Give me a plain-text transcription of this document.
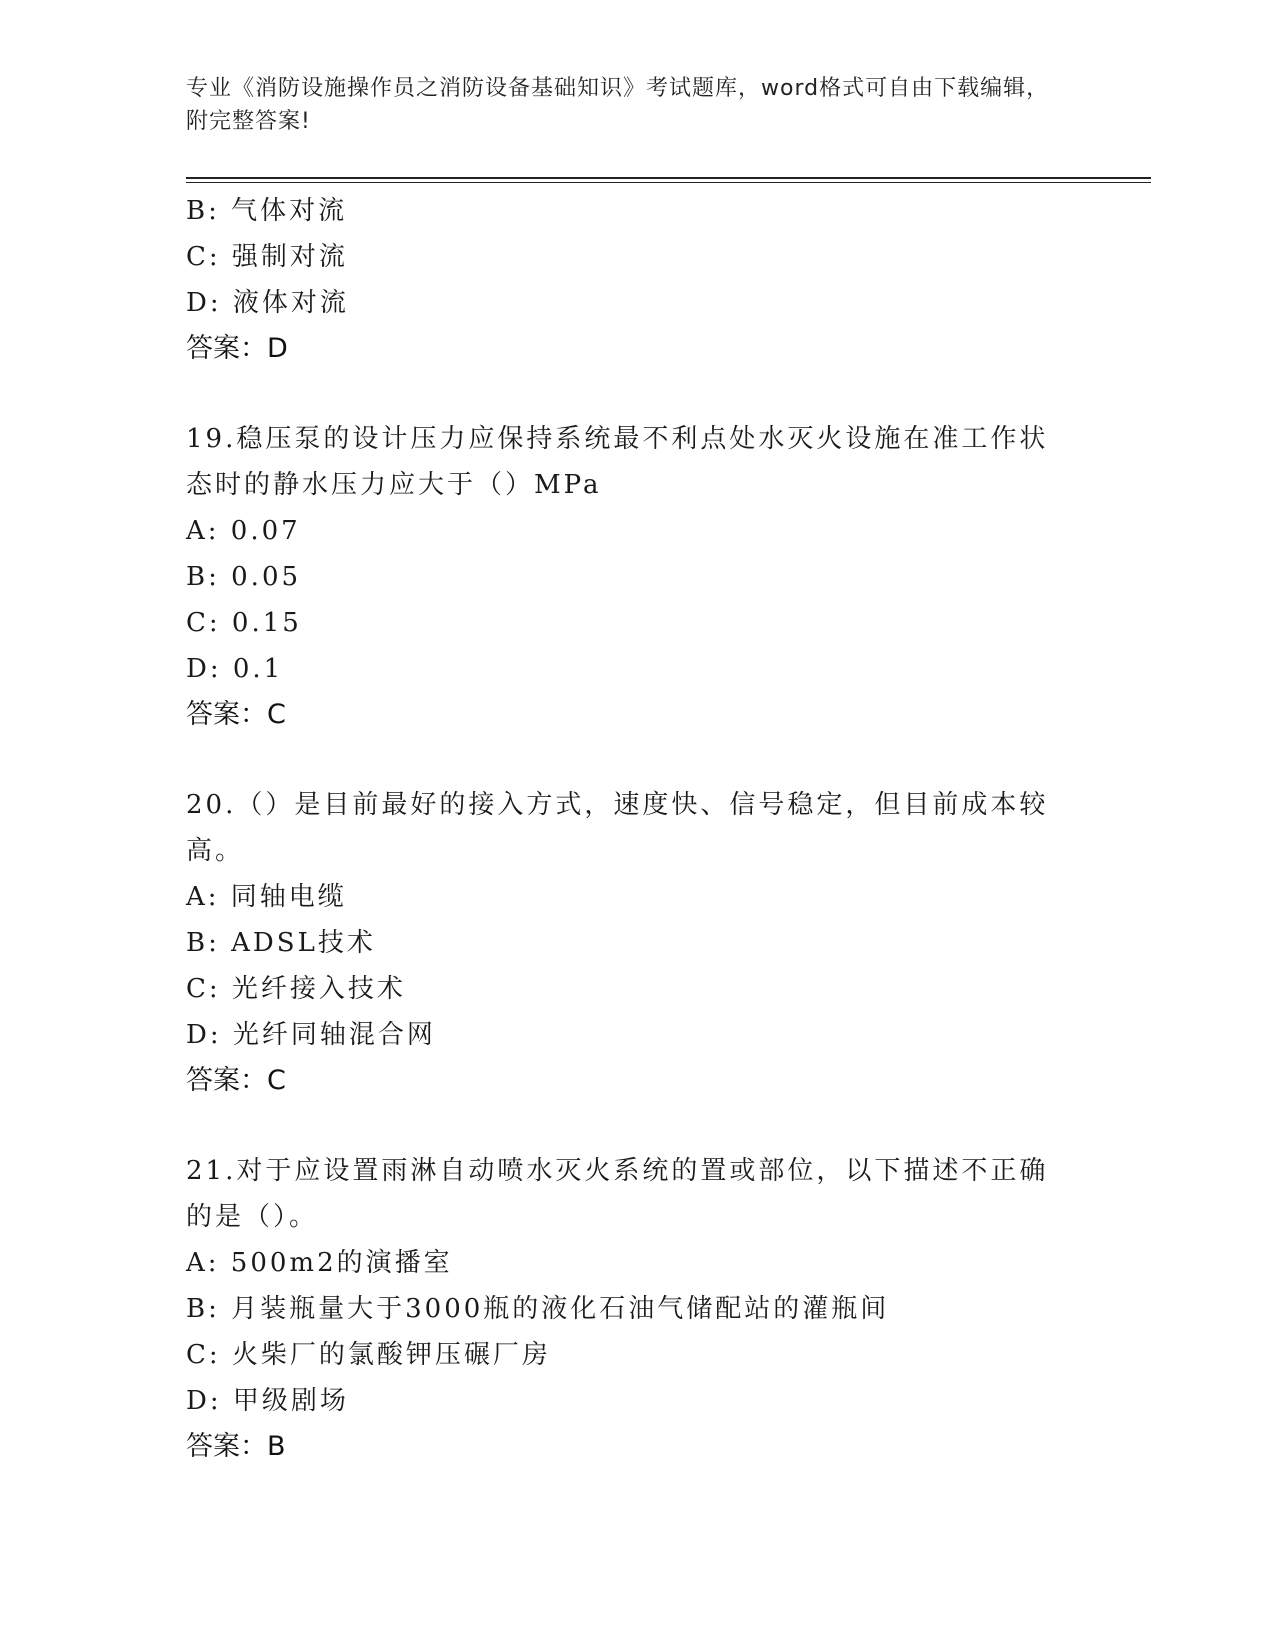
专业《消防设施操作员之消防设备基础知识》考试题库，word格式可自由下载编辑，附完整答案!
B: 气体对流
C: 强制对流
D: 液体对流
答案：D
19.稳压泵的设计压力应保持系统最不利点处水灭火设施在准工作状态时的静水压力应大于（）MPa
A: 0.07
B: 0.05
C: 0.15
D: 0.1
答案：C
20.（）是目前最好的接入方式，速度快、信号稳定，但目前成本较高。
A: 同轴电缆
B: ADSL技术
C: 光纤接入技术
D: 光纤同轴混合网
答案：C
21.对于应设置雨淋自动喷水灭火系统的置或部位，以下描述不正确的是（）。
A: 500m2的演播室
B: 月装瓶量大于3000瓶的液化石油气储配站的灌瓶间
C: 火柴厂的氯酸钾压碾厂房
D: 甲级剧场
答案：B
